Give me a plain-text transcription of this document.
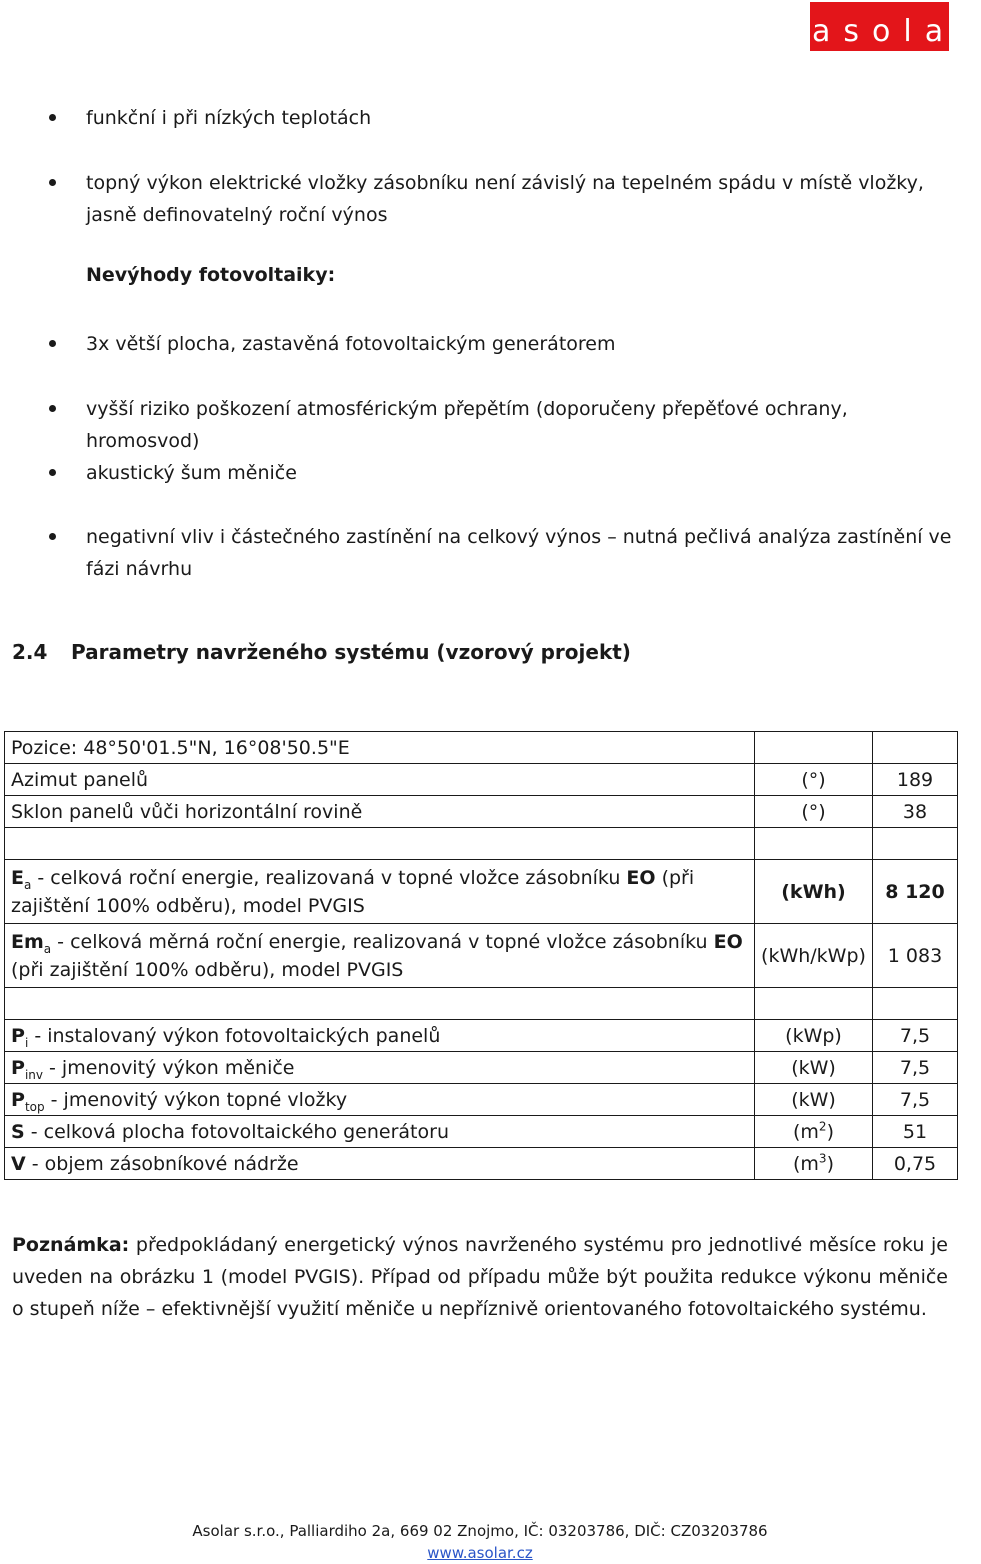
asolar
funkční i při nízkých teplotách
topný výkon elektrické vložky zásobníku není závislý na tepelném spádu v místě vložky, jasně definovatelný roční výnos
Nevýhody fotovoltaiky:
3x větší plocha, zastavěná fotovoltaickým generátorem
vyšší riziko poškození atmosférickým přepětím (doporučeny přepěťové ochrany, hromosvod)
akustický šum měniče
negativní vliv i částečného zastínění na celkový výnos – nutná pečlivá analýza zastínění ve fázi návrhu
2.4 Parametry navrženého systému (vzorový projekt)
Pozice: 48°50'01.5"N, 16°08'50.5"E		
Azimut panelů	(°)	189
Sklon panelů vůči horizontální rovině	(°)	38

$E_a$ - celková roční energie, realizovaná v topné vložce zásobníku EO (při zajištění 100% odběru), model PVGIS	(kWh)	8 120
$Em_a$ - celková měrná roční energie, realizovaná v topné vložce zásobníku EO (při zajištění 100% odběru), model PVGIS	(kWh/kWp)	1 083

$P_i$ - instalovaný výkon fotovoltaických panelů	(kWp)	7,5
$P_{inv}$ - jmenovitý výkon měniče	(kW)	7,5
$P_{top}$ - jmenovitý výkon topné vložky	(kW)	7,5
S - celková plocha fotovoltaického generátoru	$(m^2)$	51
V - objem zásobníkové nádrže	$(m^3)$	0,75
Poznámka: předpokládaný energetický výnos navrženého systému pro jednotlivé měsíce roku je uveden na obrázku 1 (model PVGIS). Případ od případu může být použita redukce výkonu měniče o stupeň níže – efektivnější využití měniče u nepříznivě orientovaného fotovoltaického systému.
Asolar s.r.o., Palliardiho 2a, 669 02 Znojmo, IČ: 03203786, DIČ: CZ03203786
www.asolar.cz
